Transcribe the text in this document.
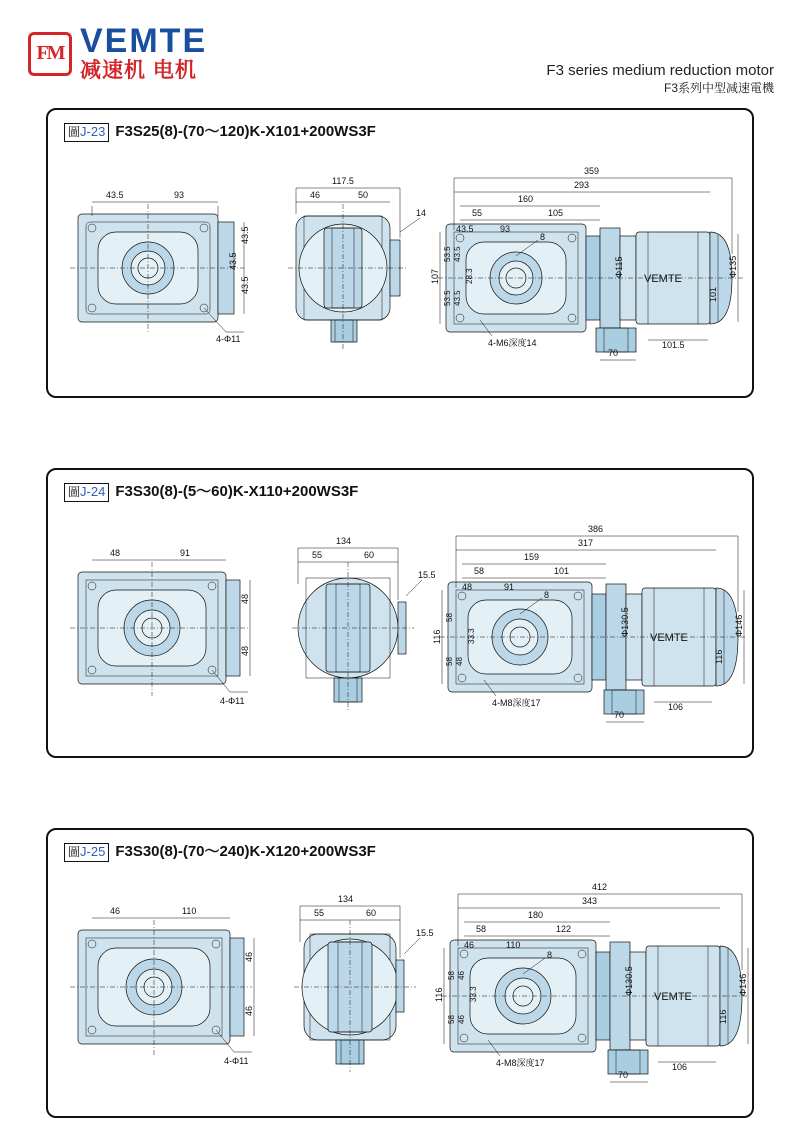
FM VEMTE
减速机 电机	F3 series medium reduction motor
F3系列中型减速電機
圖J-23 F3S25(8)-(70〜120)K-X101+200WS3F
43.5	93
43.5
43.5
43.5
4-Φ11
117.5
46	50
14
VEMTE
359
293
160
55	105
43.5	93
107
53.5 43.5
53.5 43.5
28.3
8
4-M6深度14
Φ115	Φ135
101
70
101.5
圖J-24 F3S30(8)-(5〜60)K-X110+200WS3F
48	91
48
48
4-Φ11
134
55	60
15.5
VEMTE
386
317
159
58	101
48	91
116
58
58 48
33.3
8
4-M8深度17
Φ130.5	Φ146
116
70
106
圖J-25 F3S30(8)-(70〜240)K-X120+200WS3F
46	110
46
46
4-Φ11
134
55	60
15.5
VEMTE
412
343
180
58	122
46	110
116
58
58
46
46
33.3
8
4-M8深度17
Φ130.5	Φ146
116
70
106
